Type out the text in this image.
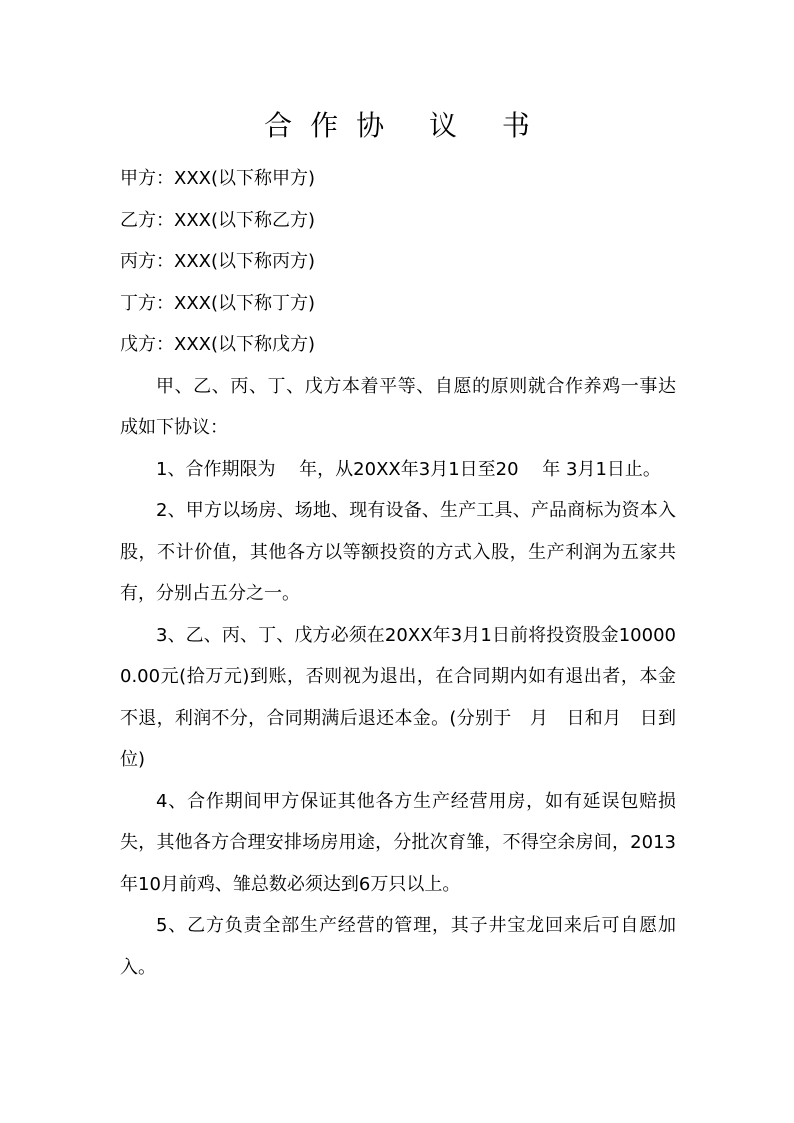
合作协 议 书
甲方：XXX(以下称甲方)
乙方：XXX(以下称乙方)
丙方：XXX(以下称丙方)
丁方：XXX(以下称丁方)
戊方：XXX(以下称戊方)

甲、乙、丙、丁、戊方本着平等、自愿的原则就合作养鸡一事达成如下协议：

1、合作期限为　 年，从20XX年3月1日至20　 年 3月1日止。

2、甲方以场房、场地、现有设备、生产工具、产品商标为资本入股，不计价值，其他各方以等额投资的方式入股，生产利润为五家共有，分别占五分之一。

3、乙、丙、丁、戊方必须在20XX年3月1日前将投资股金100000.00元(拾万元)到账，否则视为退出，在合同期内如有退出者，本金不退，利润不分，合同期满后退还本金。(分别于　月　日和月　日到位)

4、合作期间甲方保证其他各方生产经营用房，如有延误包赔损失，其他各方合理安排场房用途，分批次育雏，不得空余房间，2013年10月前鸡、雏总数必须达到6万只以上。

5、乙方负责全部生产经营的管理，其子井宝龙回来后可自愿加入。
